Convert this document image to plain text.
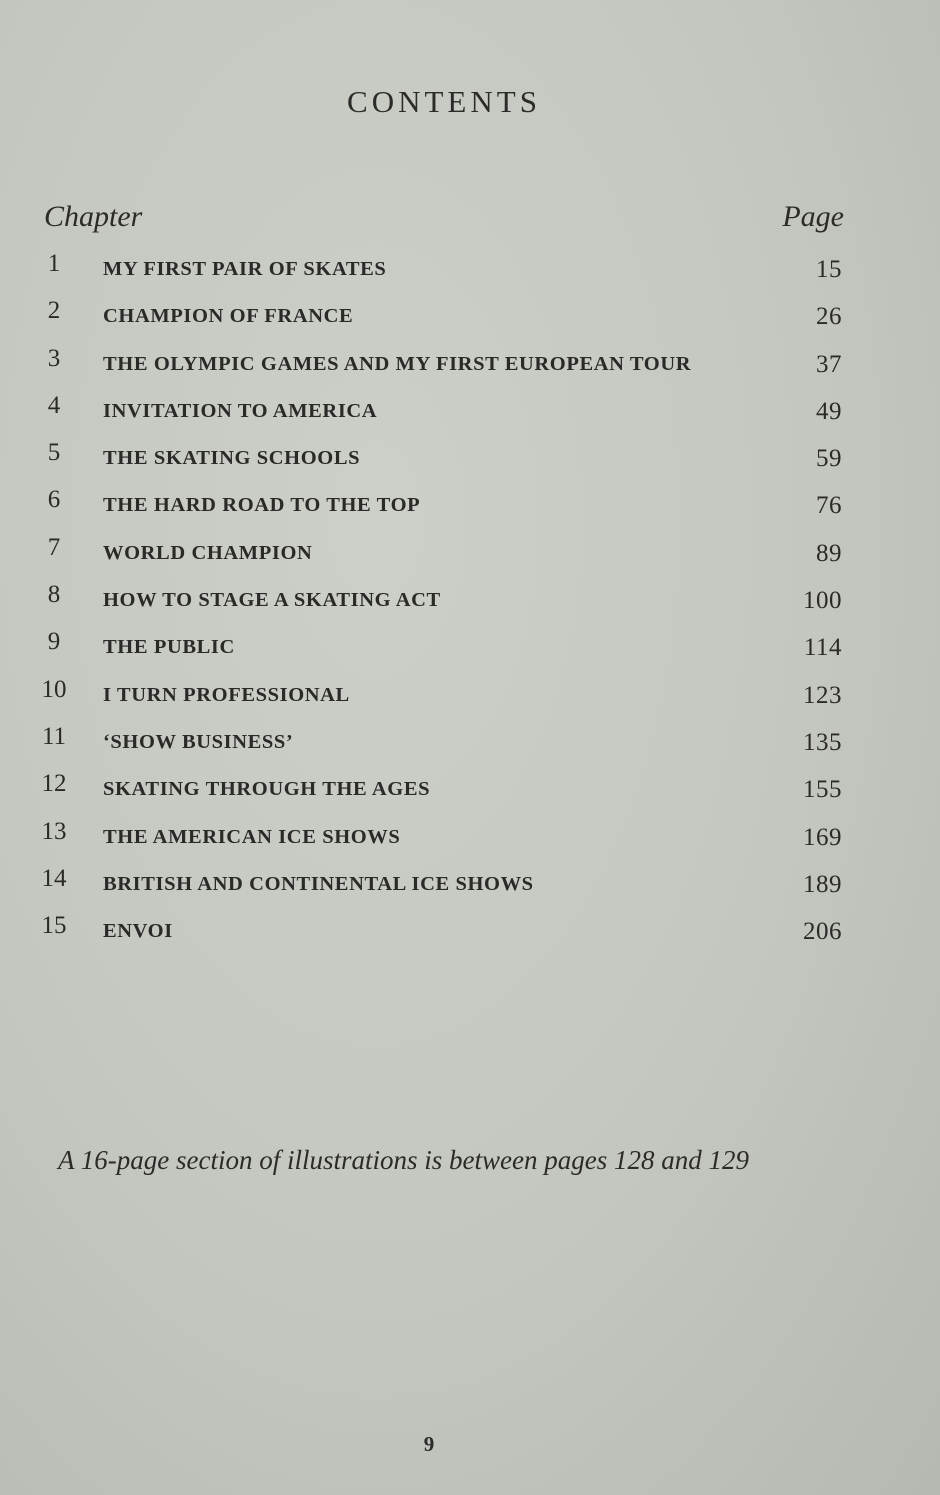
CONTENTS
Chapter	Page
1	MY FIRST PAIR OF SKATES	15
2	CHAMPION OF FRANCE	26
3	THE OLYMPIC GAMES AND MY FIRST EUROPEAN TOUR	37
4	INVITATION TO AMERICA	49
5	THE SKATING SCHOOLS	59
6	THE HARD ROAD TO THE TOP	76
7	WORLD CHAMPION	89
8	HOW TO STAGE A SKATING ACT	100
9	THE PUBLIC	114
10 I TURN PROFESSIONAL	123
11 ‘SHOW BUSINESS’	135
12 SKATING THROUGH THE AGES	155
13 THE AMERICAN ICE SHOWS	169
14 BRITISH AND CONTINENTAL ICE SHOWS	189
15 ENVOI	206
A 16-page section of illustrations is between pages 128 and 129
9
